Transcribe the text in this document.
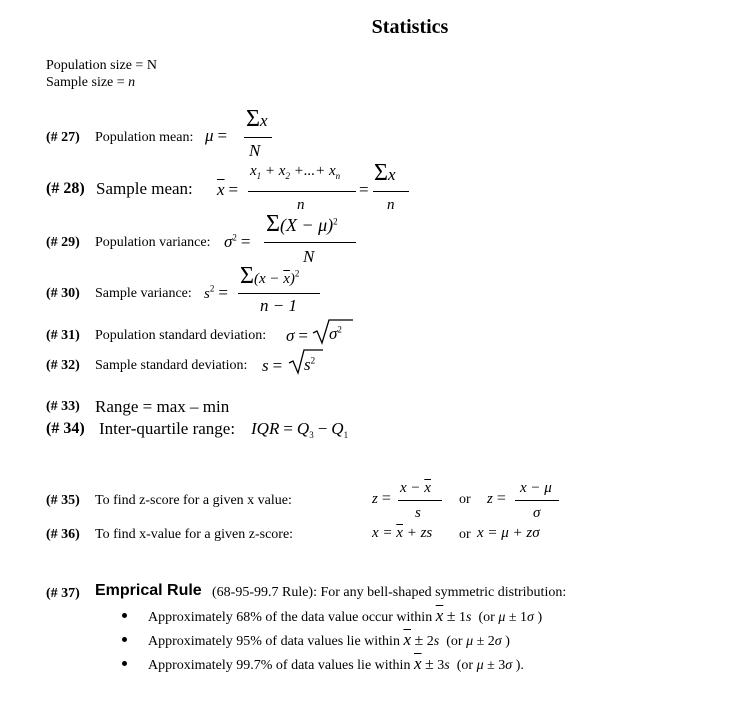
Statistics
Population size = N
Sample size = n
(# 27) Population mean: μ =
Σx
N
(# 28) Sample mean: $\overline{x}$ =
$x_1 + x_2$ +...+ $x_n$
n
=
Σx
n
(# 29) Population variance: $\sigma^2$ =
$\Sigma(X - \mu)^2$
N
(# 30) Sample variance: $s^2$ =
$\Sigma(x - \overline{x})^2$
n − 1
(# 31) Population standard deviation: $\sigma = \sigma^2$
(# 32) Sample standard deviation: $s = s^2$
(# 33) Range = max – min
(# 34) Inter-quartile range: IQR = $Q_3 - Q_1$
(# 35) To find z-score for a given x value:	z =
$x - \overline{x}$
s
or z =
x − μ
σ
(# 36) To find x-value for a given z-score:	$x = \overline{x}$ + zs or x = μ + zσ
(# 37) Emprical Rule (68-95-99.7 Rule): For any bell-shaped symmetric distribution:
Approximately 68% of the data value occur within $\overline{x} \pm 1s$  (or μ ± 1σ )
Approximately 95% of data values lie within $\overline{x} \pm 2s$  (or μ ± 2σ )
Approximately 99.7% of data values lie within $\overline{x} \pm 3s$  (or μ ± 3σ ).
